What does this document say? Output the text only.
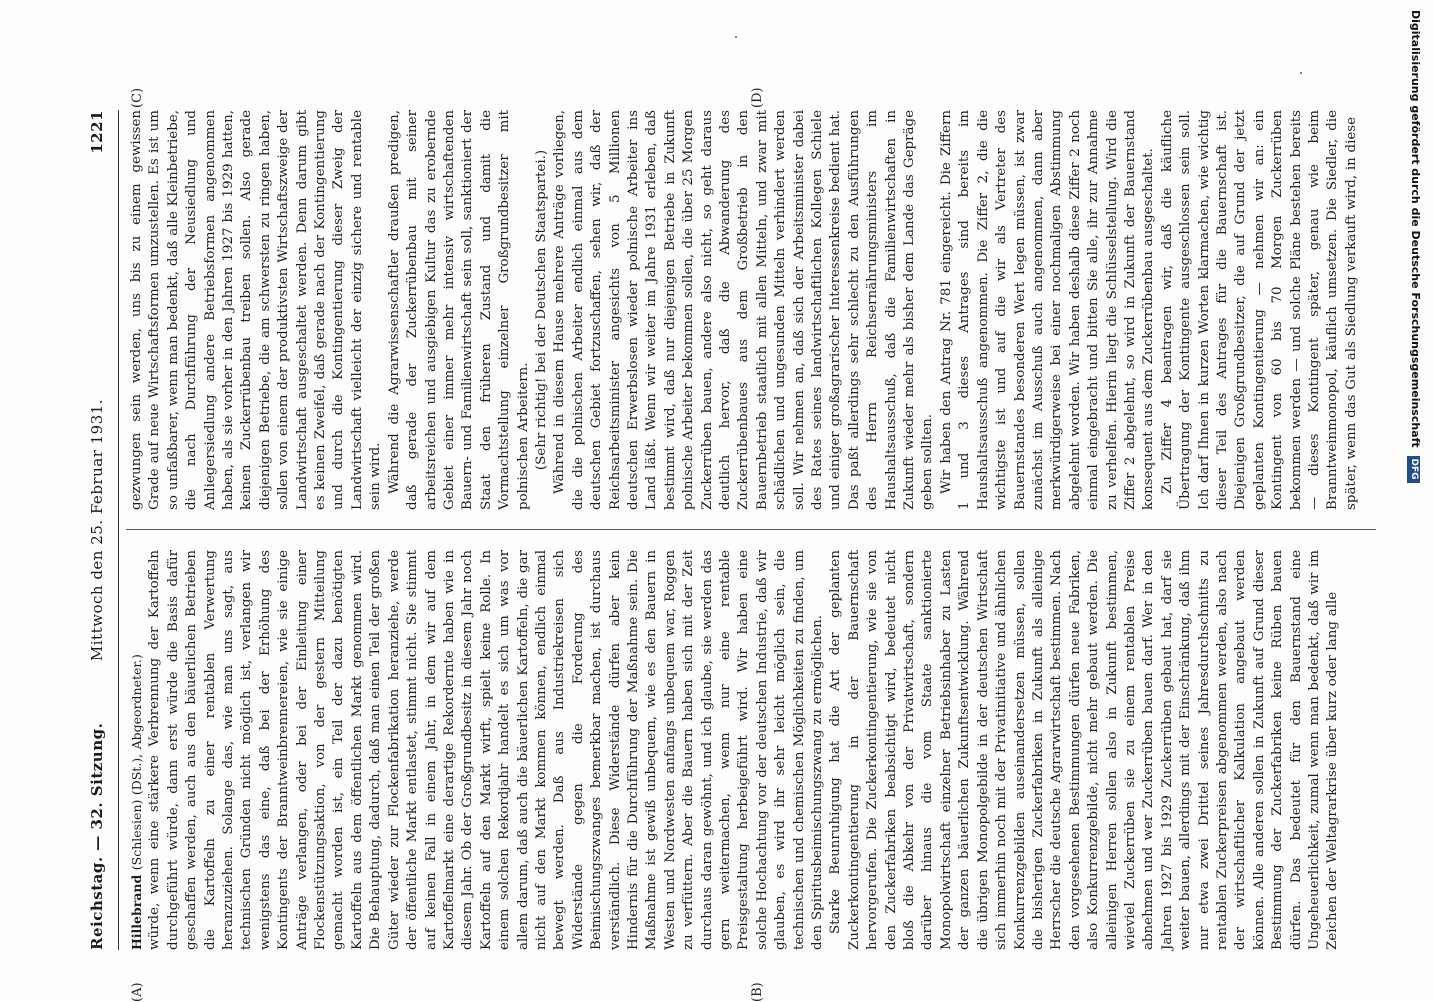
Reichstag. — 32. Sitzung.
Mittwoch den 25. Februar 1931.
1221

Hillebrand (Schlesien) (DSt.), Abgeordneter.) würde, wenn eine stärkere Verbrennung der Kartoffeln durchgeführt würde, dann erst würde die Basis dafür geschaffen werden, auch aus den bäuerlichen Betrieben die Kartoffeln zu einer rentablen Verwertung heranzuziehen. Solange das, wie man uns sagt, aus technischen Gründen nicht möglich ist, verlangen wir wenigstens das eine, daß bei der Erhöhung des Kontingents der Branntweinbrennereien, wie sie einige Anträge verlangen, oder bei der Einleitung einer Flockenstützungsaktion, von der gestern Mitteilung gemacht worden ist, ein Teil der dazu benötigten Kartoffeln aus dem öffentlichen Markt genommen wird. Die Behauptung, dadurch, daß man einen Teil der großen Güter wieder zur Flockenfabrikation heranziehe, werde der öffentliche Markt entlastet, stimmt nicht. Sie stimmt auf keinen Fall in einem Jahr, in dem wir auf dem Kartoffelmarkt eine derartige Rekordernte haben wie in diesem Jahr. Ob der Großgrundbesitz in diesem Jahr noch Kartoffeln auf den Markt wirft, spielt keine Rolle. In einem solchen Rekordjahr handelt es sich um was vor allem darum, daß auch die bäuerlichen Kartoffeln, die gar nicht auf den Markt kommen können, endlich einmal bewegt werden. Daß aus Industriekreisen sich Widerstände gegen die Forderung des Beimischungszwanges bemerkbar machen, ist durchaus verständlich. Diese Widerstände dürfen aber kein Hindernis für die Durchführung der Maßnahme sein. Die Maßnahme ist gewiß unbequem, wie es den Bauern in Westen und Nordwesten anfangs unbequem war, Roggen zu verfüttern. Aber die Bauern haben sich mit der Zeit durchaus daran gewöhnt, und ich glaube, sie werden das gern weitermachen, wenn nur eine rentable Preisgestaltung herbeigeführt wird. Wir haben eine solche Hochachtung vor der deutschen Industrie, daß wir glauben, es wird ihr sehr leicht möglich sein, die technischen und chemischen Möglichkeiten zu finden, um den Spiritusbeimischungszwang zu ermöglichen. Starke Beunruhigung hat die Art der geplanten Zuckerkontingentierung in der Bauernschaft hervorgerufen. Die Zuckerkontingentierung, wie sie von den Zuckerfabriken beabsichtigt wird, bedeutet nicht bloß die Abkehr von der Privatwirtschaft, sondern darüber hinaus die vom Staate sanktionierte Monopolwirtschaft einzelner Betriebsinhaber zu Lasten der ganzen bäuerlichen Zukunftsentwicklung. Während die übrigen Monopolgebilde in der deutschen Wirtschaft sich immerhin noch mit der Privatinitiative und ähnlichen Konkurrenzgebilden auseinandersetzen müssen, sollen die bisherigen Zuckerfabriken in Zukunft als alleinige Herrscher die deutsche Agrarwirtschaft bestimmen. Nach den vorgesehenen Bestimmungen dürfen neue Fabriken, also Konkurrenzgebilde, nicht mehr gebaut werden. Die alleinigen Herren sollen also in Zukunft bestimmen, wieviel Zuckerrüben sie zu einem rentablen Preise abnehmen und wer Zuckerrüben bauen darf. Wer in den Jahren 1927 bis 1929 Zuckerrüben gebaut hat, darf sie weiter bauen, allerdings mit der Einschränkung, daß ihm nur etwa zwei Drittel seines Jahresdurchschnitts zu rentablen Zuckerpreisen abgenommen werden, also nach der wirtschaftlicher Kalkulation angebaut werden können. Alle anderen sollen in Zukunft auf Grund dieser Bestimmung der Zuckerfabriken keine Rüben bauen dürfen. Das bedeutet für den Bauernstand eine Ungeheuerlichkeit, zumal wenn man bedenkt, daß wir im Zeichen der Weltagrarkrise über kurz oder lang alle

gezwungen sein werden, uns bis zu einem gewissen Grade auf neue Wirtschaftsformen umzustellen. Es ist um so unfaßbarer, wenn man bedenkt, daß alle Kleinbetriebe, die nach Durchführung der Neusiedlung und Anliegersiedlung andere Betriebsformen angenommen haben, als sie vorher in den Jahren 1927 bis 1929 hatten, keinen Zuckerrübenbau treiben sollen. Also gerade diejenigen Betriebe, die am schwersten zu ringen haben, sollen von einem der produktivsten Wirtschaftszweige der Landwirtschaft ausgeschaltet werden. Denn darum gibt es keinen Zweifel, daß gerade nach der Kontingentierung und durch die Kontingentierung dieser Zweig der Landwirtschaft vielleicht der einzig sichere und rentable sein wird. Während die Agrarwissenschaftler draußen predigen, daß gerade der Zuckerrübenbau mit seiner arbeitsreichen und ausgiebigen Kultur das zu erobernde Gebiet einer immer mehr intensiv wirtschaftenden Bauern- und Familienwirtschaft sein soll, sanktioniert der Staat den früheren Zustand und damit die Vormachtstellung einzelner Großgrundbesitzer mit polnischen Arbeitern. (Sehr richtig! bei der Deutschen Staatspartei.) Während in diesem Hause mehrere Anträge vorliegen, die die polnischen Arbeiter endlich einmal aus dem deutschen Gebiet fortzuschaffen, sehen wir, daß der Reichsarbeitsminister angesichts von 5 Millionen deutschen Erwerbslosen wieder polnische Arbeiter ins Land läßt. Wenn wir weiter im Jahre 1931 erleben, daß bestimmt wird, daß nur diejenigen Betriebe in Zukunft polnische Arbeiter bekommen sollen, die über 25 Morgen Zuckerrüben bauen, andere also nicht, so geht daraus deutlich hervor, daß die Abwanderung des Zuckerrübenbaues aus dem Großbetrieb in den Bauernbetrieb staatlich mit allen Mitteln, und zwar mit schädlichen und ungesunden Mitteln verhindert werden soll. Wir nehmen an, daß sich der Arbeitsminister dabei des Rates seines landwirtschaftlichen Kollegen Schiele und einiger großagrarischer Interessenkreise bedient hat. Das paßt allerdings sehr schlecht zu den Ausführungen des Herrn Reichsernährungsministers im Haushaltsausschuß, daß die Familienwirtschaften in Zukunft wieder mehr als bisher dem Lande das Gepräge geben sollten. Wir haben den Antrag Nr. 781 eingereicht. Die Ziffern 1 und 3 dieses Antrages sind bereits im Haushaltsausschuß angenommen. Die Ziffer 2, die die wichtigste ist und auf die wir als Vertreter des Bauernstandes besonderen Wert legen müssen, ist zwar zunächst im Ausschuß auch angenommen, dann aber merkwürdigerweise bei einer nochmaligen Abstimmung abgelehnt worden. Wir haben deshalb diese Ziffer 2 noch einmal eingebracht und bitten Sie alle, ihr zur Annahme zu verhelfen. Hierin liegt die Schlüsselstellung. Wird die Ziffer 2 abgelehnt, so wird in Zukunft der Bauernstand konsequent aus dem Zuckerrübenbau ausgeschaltet. Zu Ziffer 4 beantragen wir, daß die käufliche Übertragung der Kontingente ausgeschlossen sein soll. Ich darf Ihnen in kurzen Worten klarmachen, wie wichtig dieser Teil des Antrages für die Bauernschaft ist. Diejenigen Großgrundbesitzer, die auf Grund der jetzt geplanten Kontingentierung — nehmen wir an: ein Kontingent von 60 bis 70 Morgen Zuckerrüben bekommen werden — und solche Pläne bestehen bereits — dieses Kontingent später, genau wie beim Branntweinmonopol, käuflich umsetzen. Die Siedler, die später, wenn das Gut als Siedlung verkauft wird, in diese

(A)	(B)
(C)	(D)	Digitalisierung gefördert durch die Deutsche Forschungsgemeinschaft DFG
